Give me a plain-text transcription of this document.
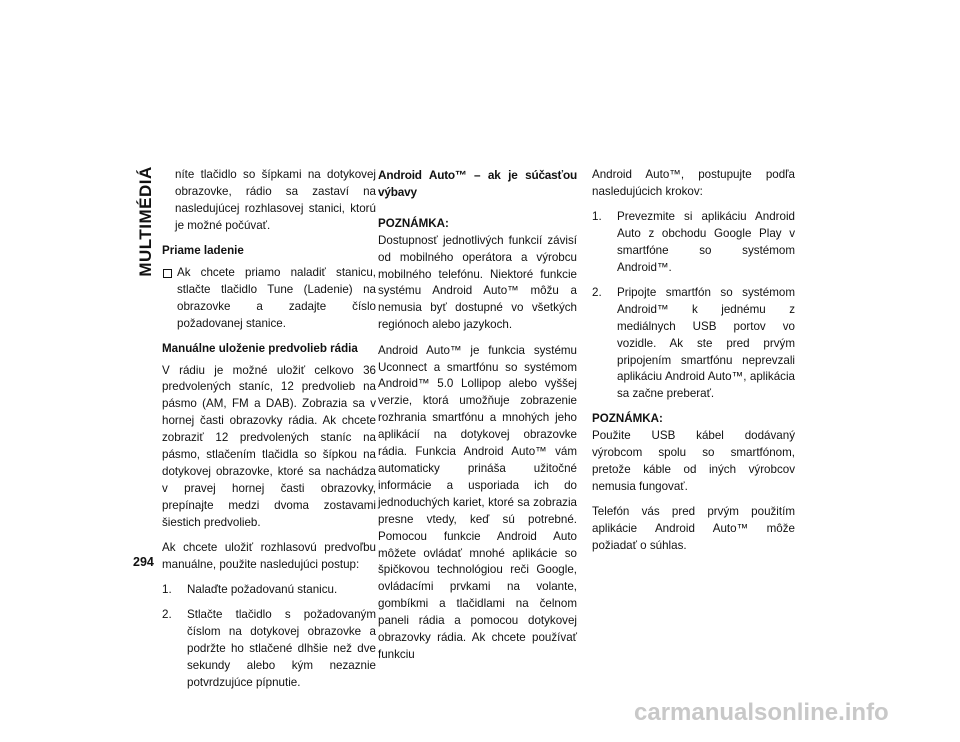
MULTIMÉDIÁ
294

níte tlačidlo so šípkami na dotykovej obrazovke, rádio sa zastaví na nasledujúcej rozhlasovej stanici, ktorú je možné počúvať.

Priame ladenie

Ak chcete priamo naladiť stanicu, stlačte tlačidlo Tune (Ladenie) na obrazovke a zadajte číslo požadovanej stanice.

Manuálne uloženie predvolieb rádia

V rádiu je možné uložiť celkovo 36 predvolených staníc, 12 predvolieb na pásmo (AM, FM a DAB). Zobrazia sa v hornej časti obrazovky rádia. Ak chcete zobraziť 12 predvolených staníc na pásmo, stlačením tlačidla so šípkou na dotykovej obrazovke, ktoré sa nachádza v pravej hornej časti obrazovky, prepínajte medzi dvoma zostavami šiestich predvolieb.

Ak chcete uložiť rozhlasovú predvoľbu manuálne, použite nasledujúci postup:

1.	Nalaďte požadovanú stanicu.
2.	Stlačte tlačidlo s požadovaným číslom na dotykovej obrazovke a podržte ho stlačené dlhšie než dve sekundy alebo kým nezaznie potvrdzujúce pípnutie.

Android Auto™ – ak je súčasťou výbavy

POZNÁMKA:

Dostupnosť jednotlivých funkcií závisí od mobilného operátora a výrobcu mobilného telefónu. Niektoré funkcie systému Android Auto™ môžu a nemusia byť dostupné vo všetkých regiónoch alebo jazykoch.

Android Auto™ je funkcia systému Uconnect a smartfónu so systémom Android™ 5.0 Lollipop alebo vyššej verzie, ktorá umožňuje zobrazenie rozhrania smartfónu a mnohých jeho aplikácií na dotykovej obrazovke rádia. Funkcia Android Auto™ vám automaticky prináša užitočné informácie a usporiada ich do jednoduchých kariet, ktoré sa zobrazia presne vtedy, keď sú potrebné. Pomocou funkcie Android Auto môžete ovládať mnohé aplikácie so špičkovou technológiou reči Google, ovládacími prvkami na volante, gombíkmi a tlačidlami na čelnom paneli rádia a pomocou dotykovej obrazovky rádia. Ak chcete používať funkciu

Android Auto™, postupujte podľa nasledujúcich krokov:

1.	Prevezmite si aplikáciu Android Auto z obchodu Google Play v smartfóne so systémom Android™.
2.	Pripojte smartfón so systémom Android™ k jednému z mediálnych USB portov vo vozidle. Ak ste pred prvým pripojením smartfónu neprevzali aplikáciu Android Auto™, aplikácia sa začne preberať.

POZNÁMKA:

Použite USB kábel dodávaný výrobcom spolu so smartfónom, pretože káble od iných výrobcov nemusia fungovať.

Telefón vás pred prvým použitím aplikácie Android Auto™ môže požiadať o súhlas.

carmanualsonline.info
